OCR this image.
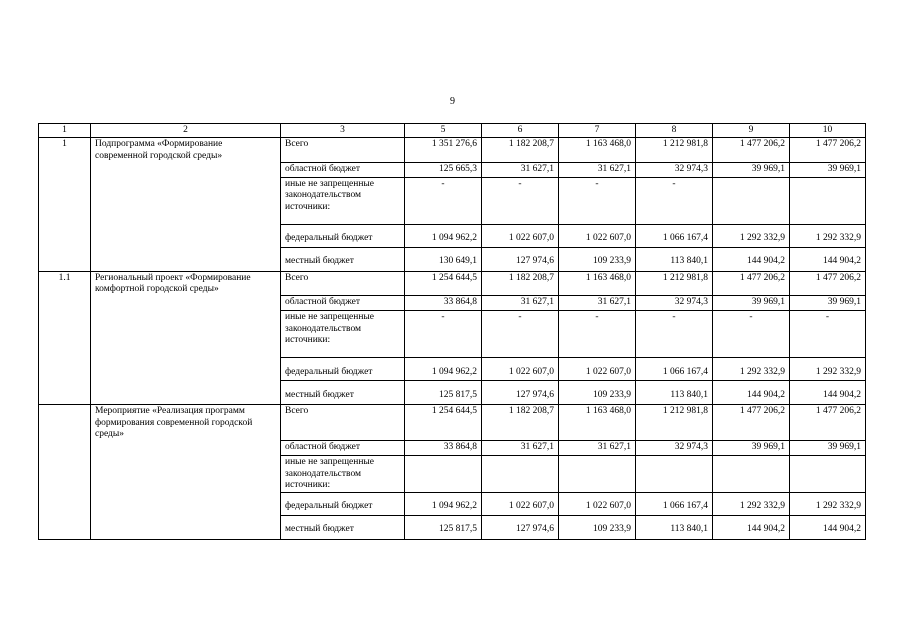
9
1	2	3	5	6	7	8	9	10
1	Подпрограмма «Формирование современной городской среды»	Всего	1 351 276,6	1 182 208,7	1 163 468,0	1 212 981,8	1 477 206,2	1 477 206,2
		областной бюджет	125 665,3	31 627,1	31 627,1	32 974,3	39 969,1	39 969,1
		иные не запрещенные законодательством источники:	-	-	-	-		
		федеральный бюджет	1 094 962,2	1 022 607,0	1 022 607,0	1 066 167,4	1 292 332,9	1 292 332,9
		местный бюджет	130 649,1	127 974,6	109 233,9	113 840,1	144 904,2	144 904,2
1.1	Региональный проект «Формирование комфортной городской среды»	Всего	1 254 644,5	1 182 208,7	1 163 468,0	1 212 981,8	1 477 206,2	1 477 206,2
		областной бюджет	33 864,8	31 627,1	31 627,1	32 974,3	39 969,1	39 969,1
		иные не запрещенные законодательством источники:	-	-	-	-	-	-
		федеральный бюджет	1 094 962,2	1 022 607,0	1 022 607,0	1 066 167,4	1 292 332,9	1 292 332,9
		местный бюджет	125 817,5	127 974,6	109 233,9	113 840,1	144 904,2	144 904,2
	Мероприятие «Реализация программ формирования современной городской среды»	Всего	1 254 644,5	1 182 208,7	1 163 468,0	1 212 981,8	1 477 206,2	1 477 206,2
		областной бюджет	33 864,8	31 627,1	31 627,1	32 974,3	39 969,1	39 969,1
		иные не запрещенные законодательством источники:						
		федеральный бюджет	1 094 962,2	1 022 607,0	1 022 607,0	1 066 167,4	1 292 332,9	1 292 332,9
		местный бюджет	125 817,5	127 974,6	109 233,9	113 840,1	144 904,2	144 904,2
